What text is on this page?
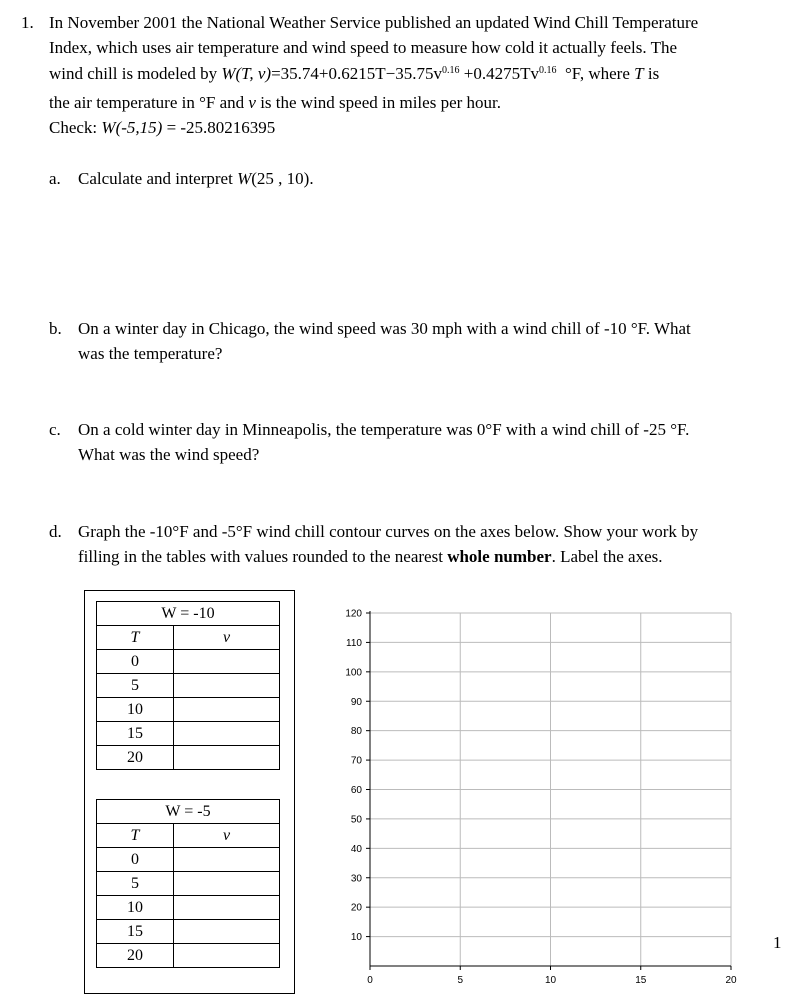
1. In November 2001 the National Weather Service published an updated Wind Chill Temperature
Index, which uses air temperature and wind speed to measure how cold it actually feels. The
wind chill is modeled by W(T, $v)=35.74+0.6215T-35.75v^{0.16} +0.4275Tv^{0.16}$ °F, where T is
the air temperature in °F and v is the wind speed in miles per hour.
Check: W(-5,15) = -25.80216395
a. Calculate and interpret W(25 , 10).
b. On a winter day in Chicago, the wind speed was 30 mph with a wind chill of -10 °F. What
was the temperature?
c. On a cold winter day in Minneapolis, the temperature was 0°F with a wind chill of -25 °F.
What was the wind speed?
d. Graph the -10°F and -5°F wind chill contour curves on the axes below. Show your work by
filling in the tables with values rounded to the nearest whole number. Label the axes.
W = -10	
T	v
0	
5	
10	
15	
20	
W = -5	
T	v
0	
5	
10	
15	
20	
10
20
30
40
50
60
70
80
90
100
110
120
0	5	10	15	20
1
